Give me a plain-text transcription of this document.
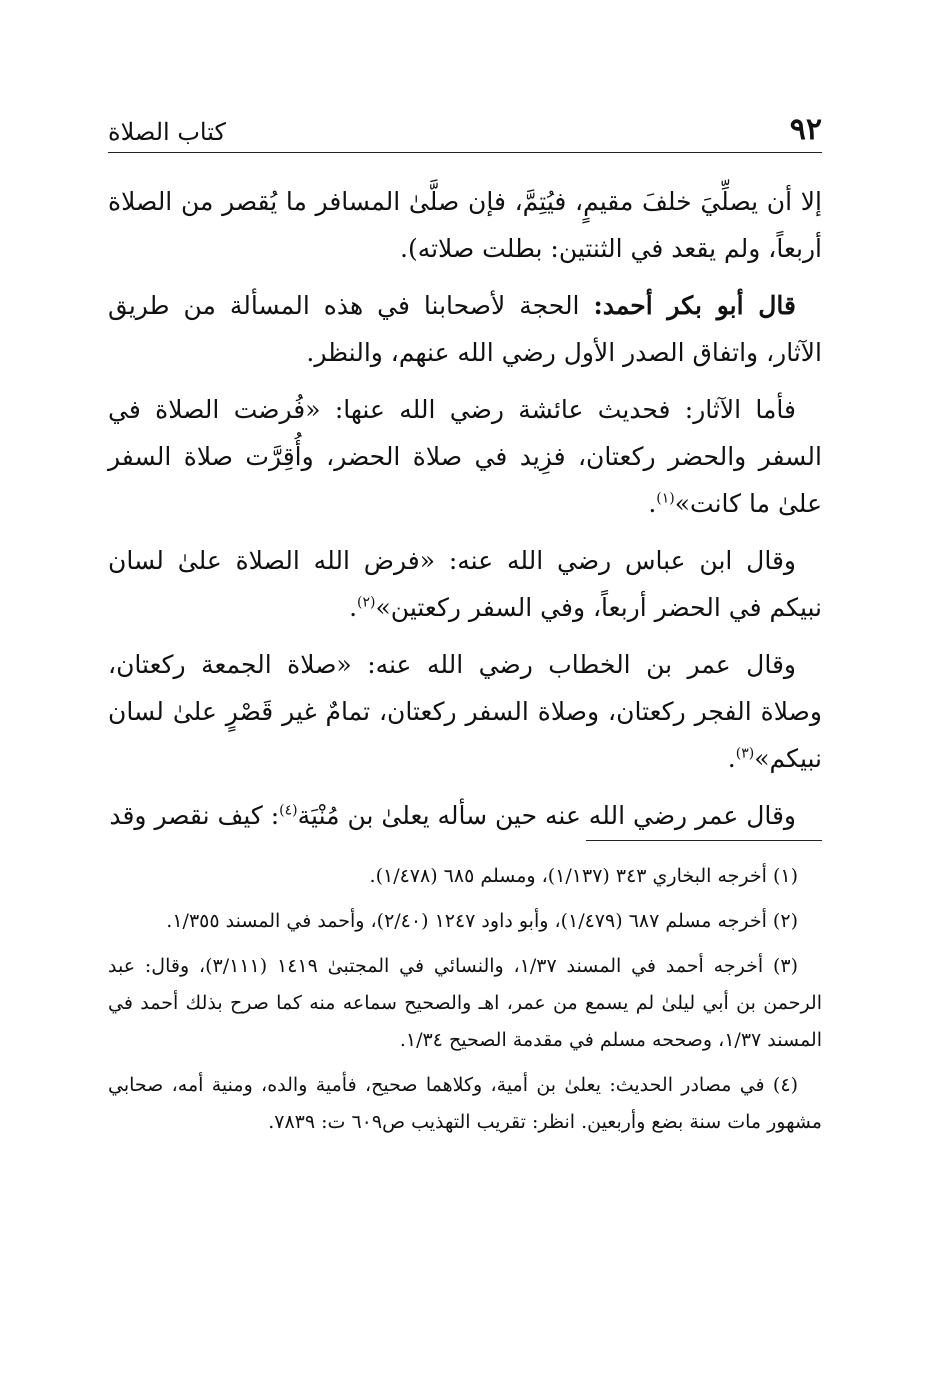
٩٢
كتاب الصلاة

إلا أن يصلِّيَ خلفَ مقيمٍ، فيُتِمَّ، فإن صلَّىٰ المسافر ما يُقصر من الصلاة أربعاً، ولم يقعد في الثنتين: بطلت صلاته).

قال أبو بكر أحمد: الحجة لأصحابنا في هذه المسألة من طريق الآثار، واتفاق الصدر الأول رضي الله عنهم، والنظر.

فأما الآثار: فحديث عائشة رضي الله عنها: «فُرضت الصلاة في السفر والحضر ركعتان، فزِيد في صلاة الحضر، وأُقِرَّت صلاة السفر علىٰ ما كانت»$^{(١)}$.

وقال ابن عباس رضي الله عنه: «فرض الله الصلاة علىٰ لسان نبيكم في الحضر أربعاً، وفي السفر ركعتين»$^{(٢)}$.

وقال عمر بن الخطاب رضي الله عنه: «صلاة الجمعة ركعتان، وصلاة الفجر ركعتان، وصلاة السفر ركعتان، تمامٌ غير قَصْرٍ علىٰ لسان نبيكم»$^{(٣)}$.

وقال عمر رضي الله عنه حين سأله يعلىٰ بن مُنْيَة$^{(٤)}$: كيف نقصر وقد

(١) أخرجه البخاري ٣٤٣ (١/١٣٧)، ومسلم ٦٨٥ (١/٤٧٨).

(٢) أخرجه مسلم ٦٨٧ (١/٤٧٩)، وأبو داود ١٢٤٧ (٢/٤٠)، وأحمد في المسند ١/٣٥٥.

(٣) أخرجه أحمد في المسند ١/٣٧، والنسائي في المجتبىٰ ١٤١٩ (٣/١١١)، وقال: عبد الرحمن بن أبي ليلىٰ لم يسمع من عمر، اهـ والصحيح سماعه منه كما صرح بذلك أحمد في المسند ١/٣٧، وصححه مسلم في مقدمة الصحيح ١/٣٤.

(٤) في مصادر الحديث: يعلىٰ بن أمية، وكلاهما صحيح، فأمية والده، ومنية أمه، صحابي مشهور مات سنة بضع وأربعين. انظر: تقريب التهذيب ص٦٠٩ ت: ٧٨٣٩.
